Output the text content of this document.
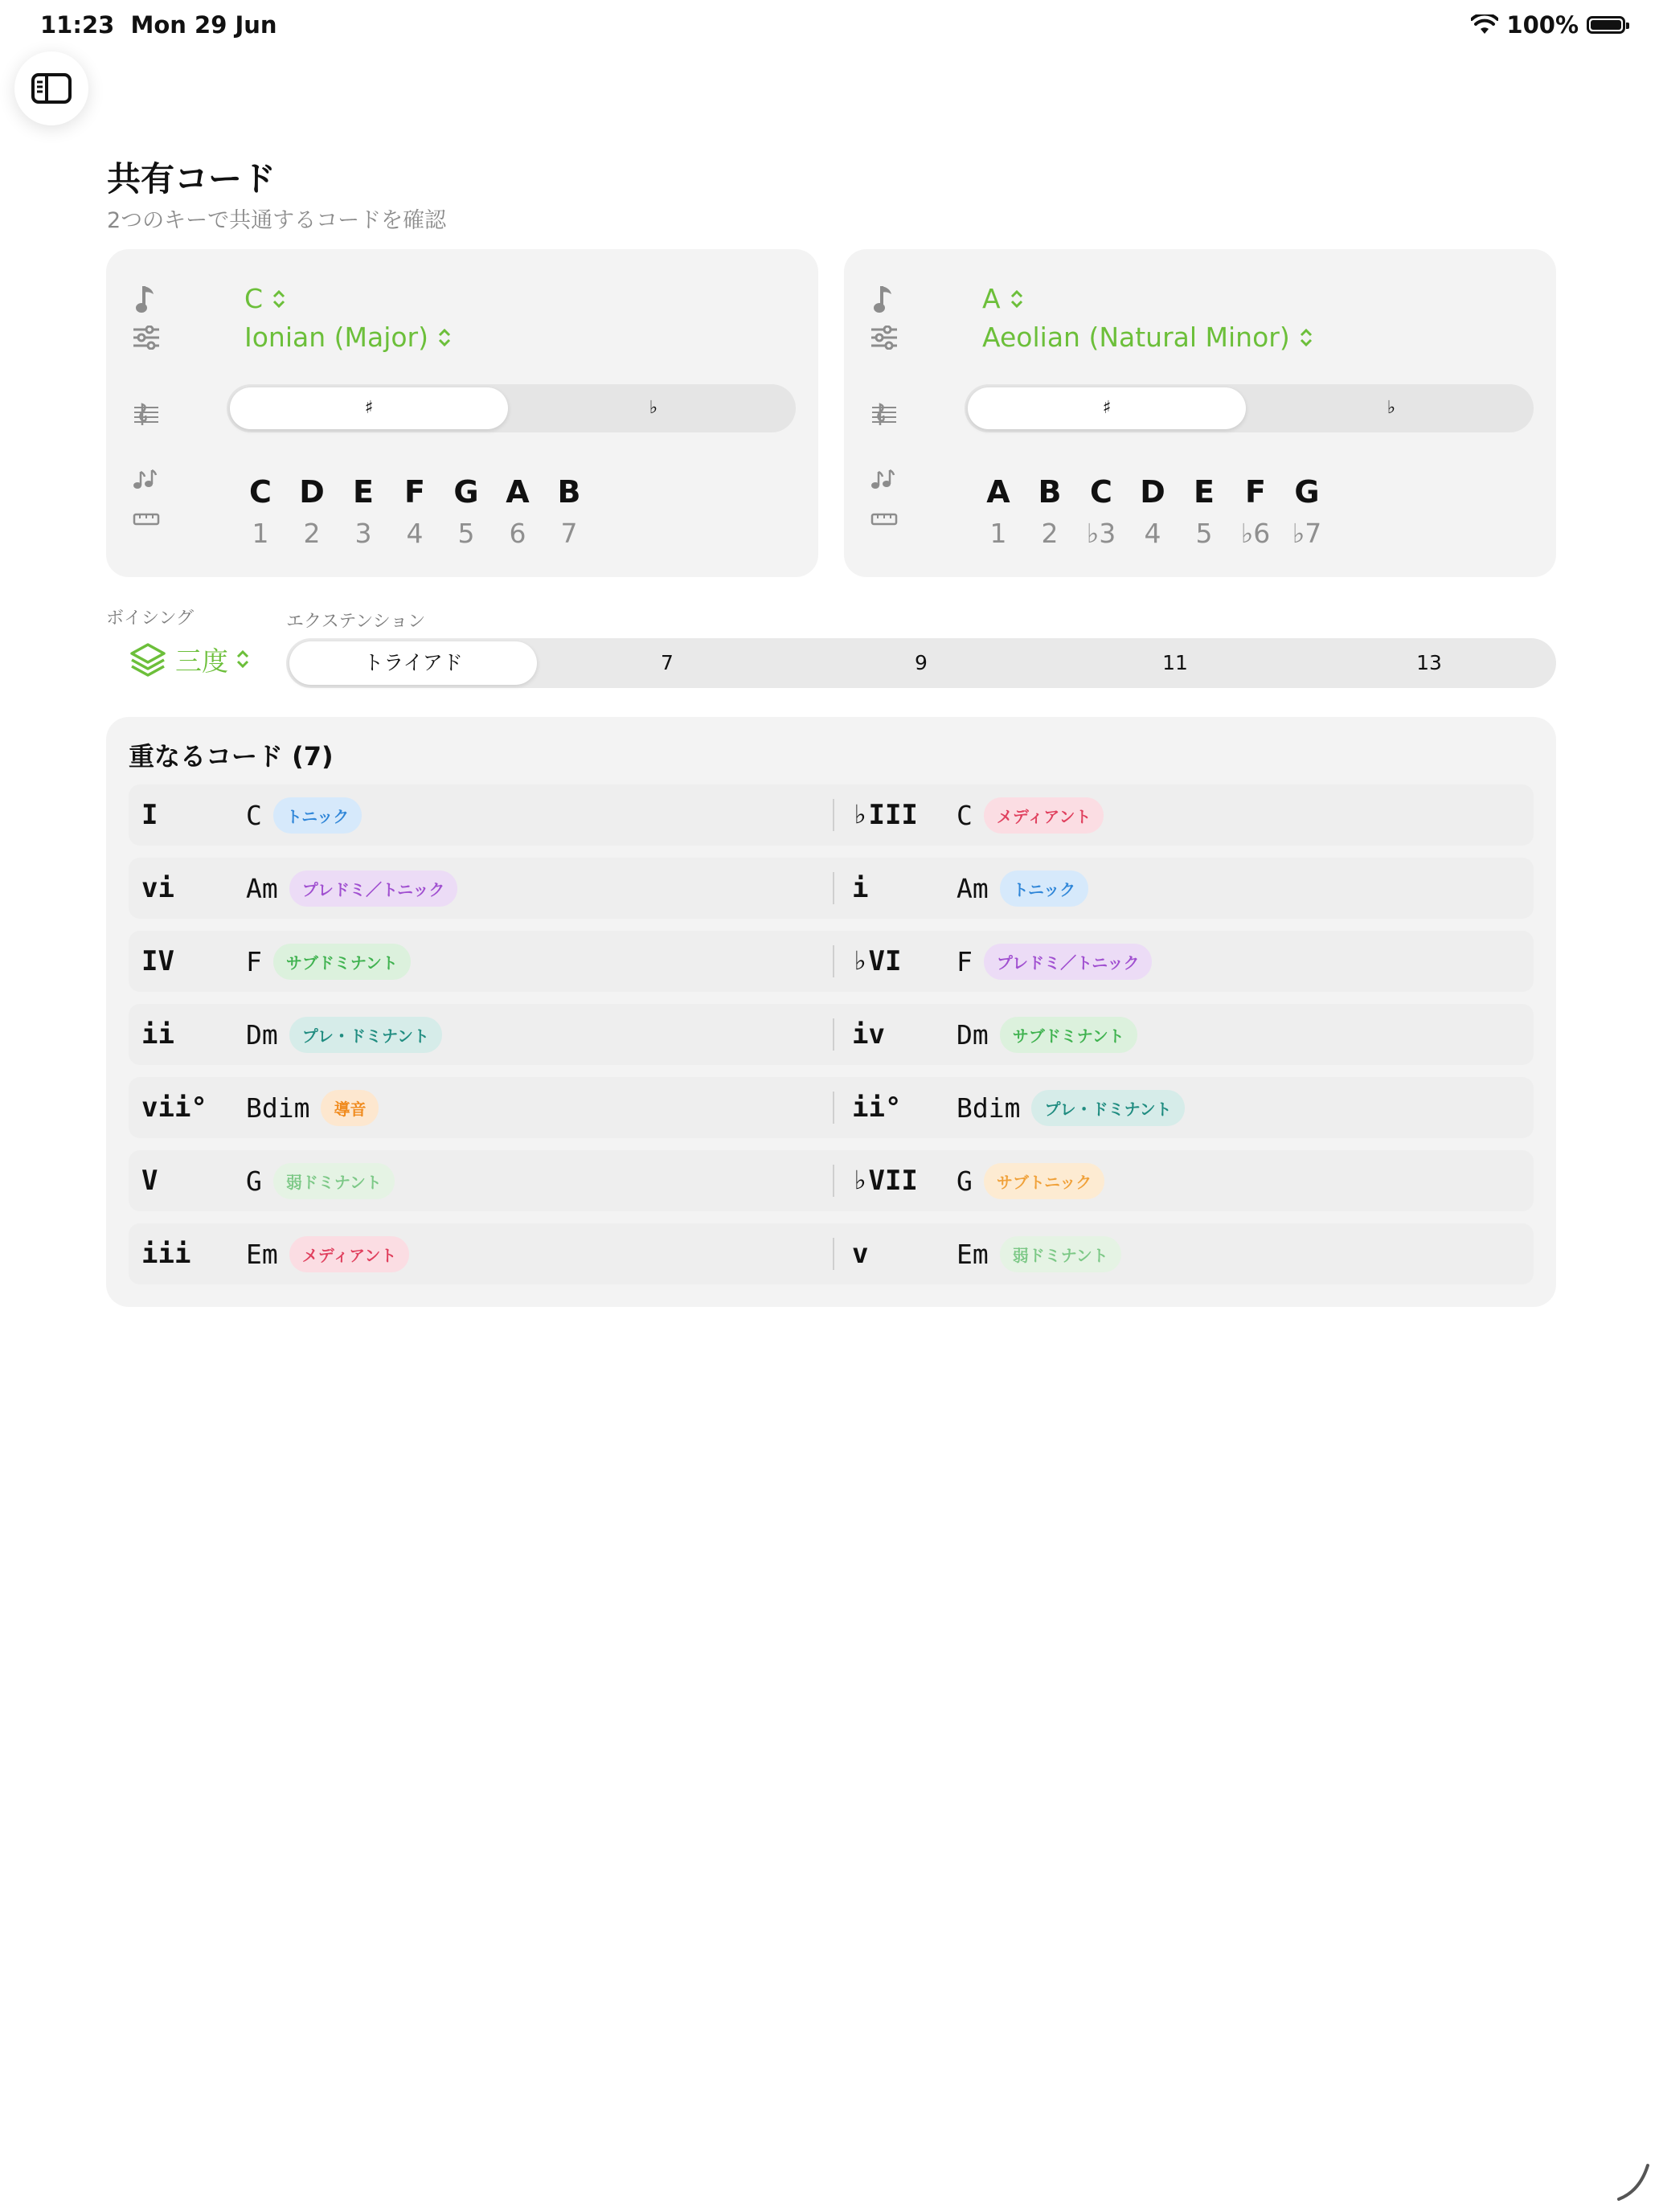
11:23 Mon 29 Jun	100%
共有コード
2つのキーで共通するコードを確認
C
Ionian (Major)
♯	♭
C D E	F G A B
1	2	3	4	5	6	7
A
Aeolian (Natural Minor)
♯	♭
A B C D E	F G
1	2	♭3	4	5	♭6 ♭7
ボイシング	エクステンション
三度	トライアド	7	9	11	13
重なるコード (7)
I	C	トニック	♭III	C	メディアント
vi	Am	プレドミ／トニック	i	Am	トニック
IV	F	サブドミナント	♭VI	F	プレドミ／トニック
ii	Dm	プレ・ドミナント	iv	Dm	サブドミナント
vii°	Bdim	導音	ii°	Bdim	プレ・ドミナント
V	G	弱ドミナント	♭VII	G	サブトニック
iii	Em	メディアント	v	Em	弱ドミナント
